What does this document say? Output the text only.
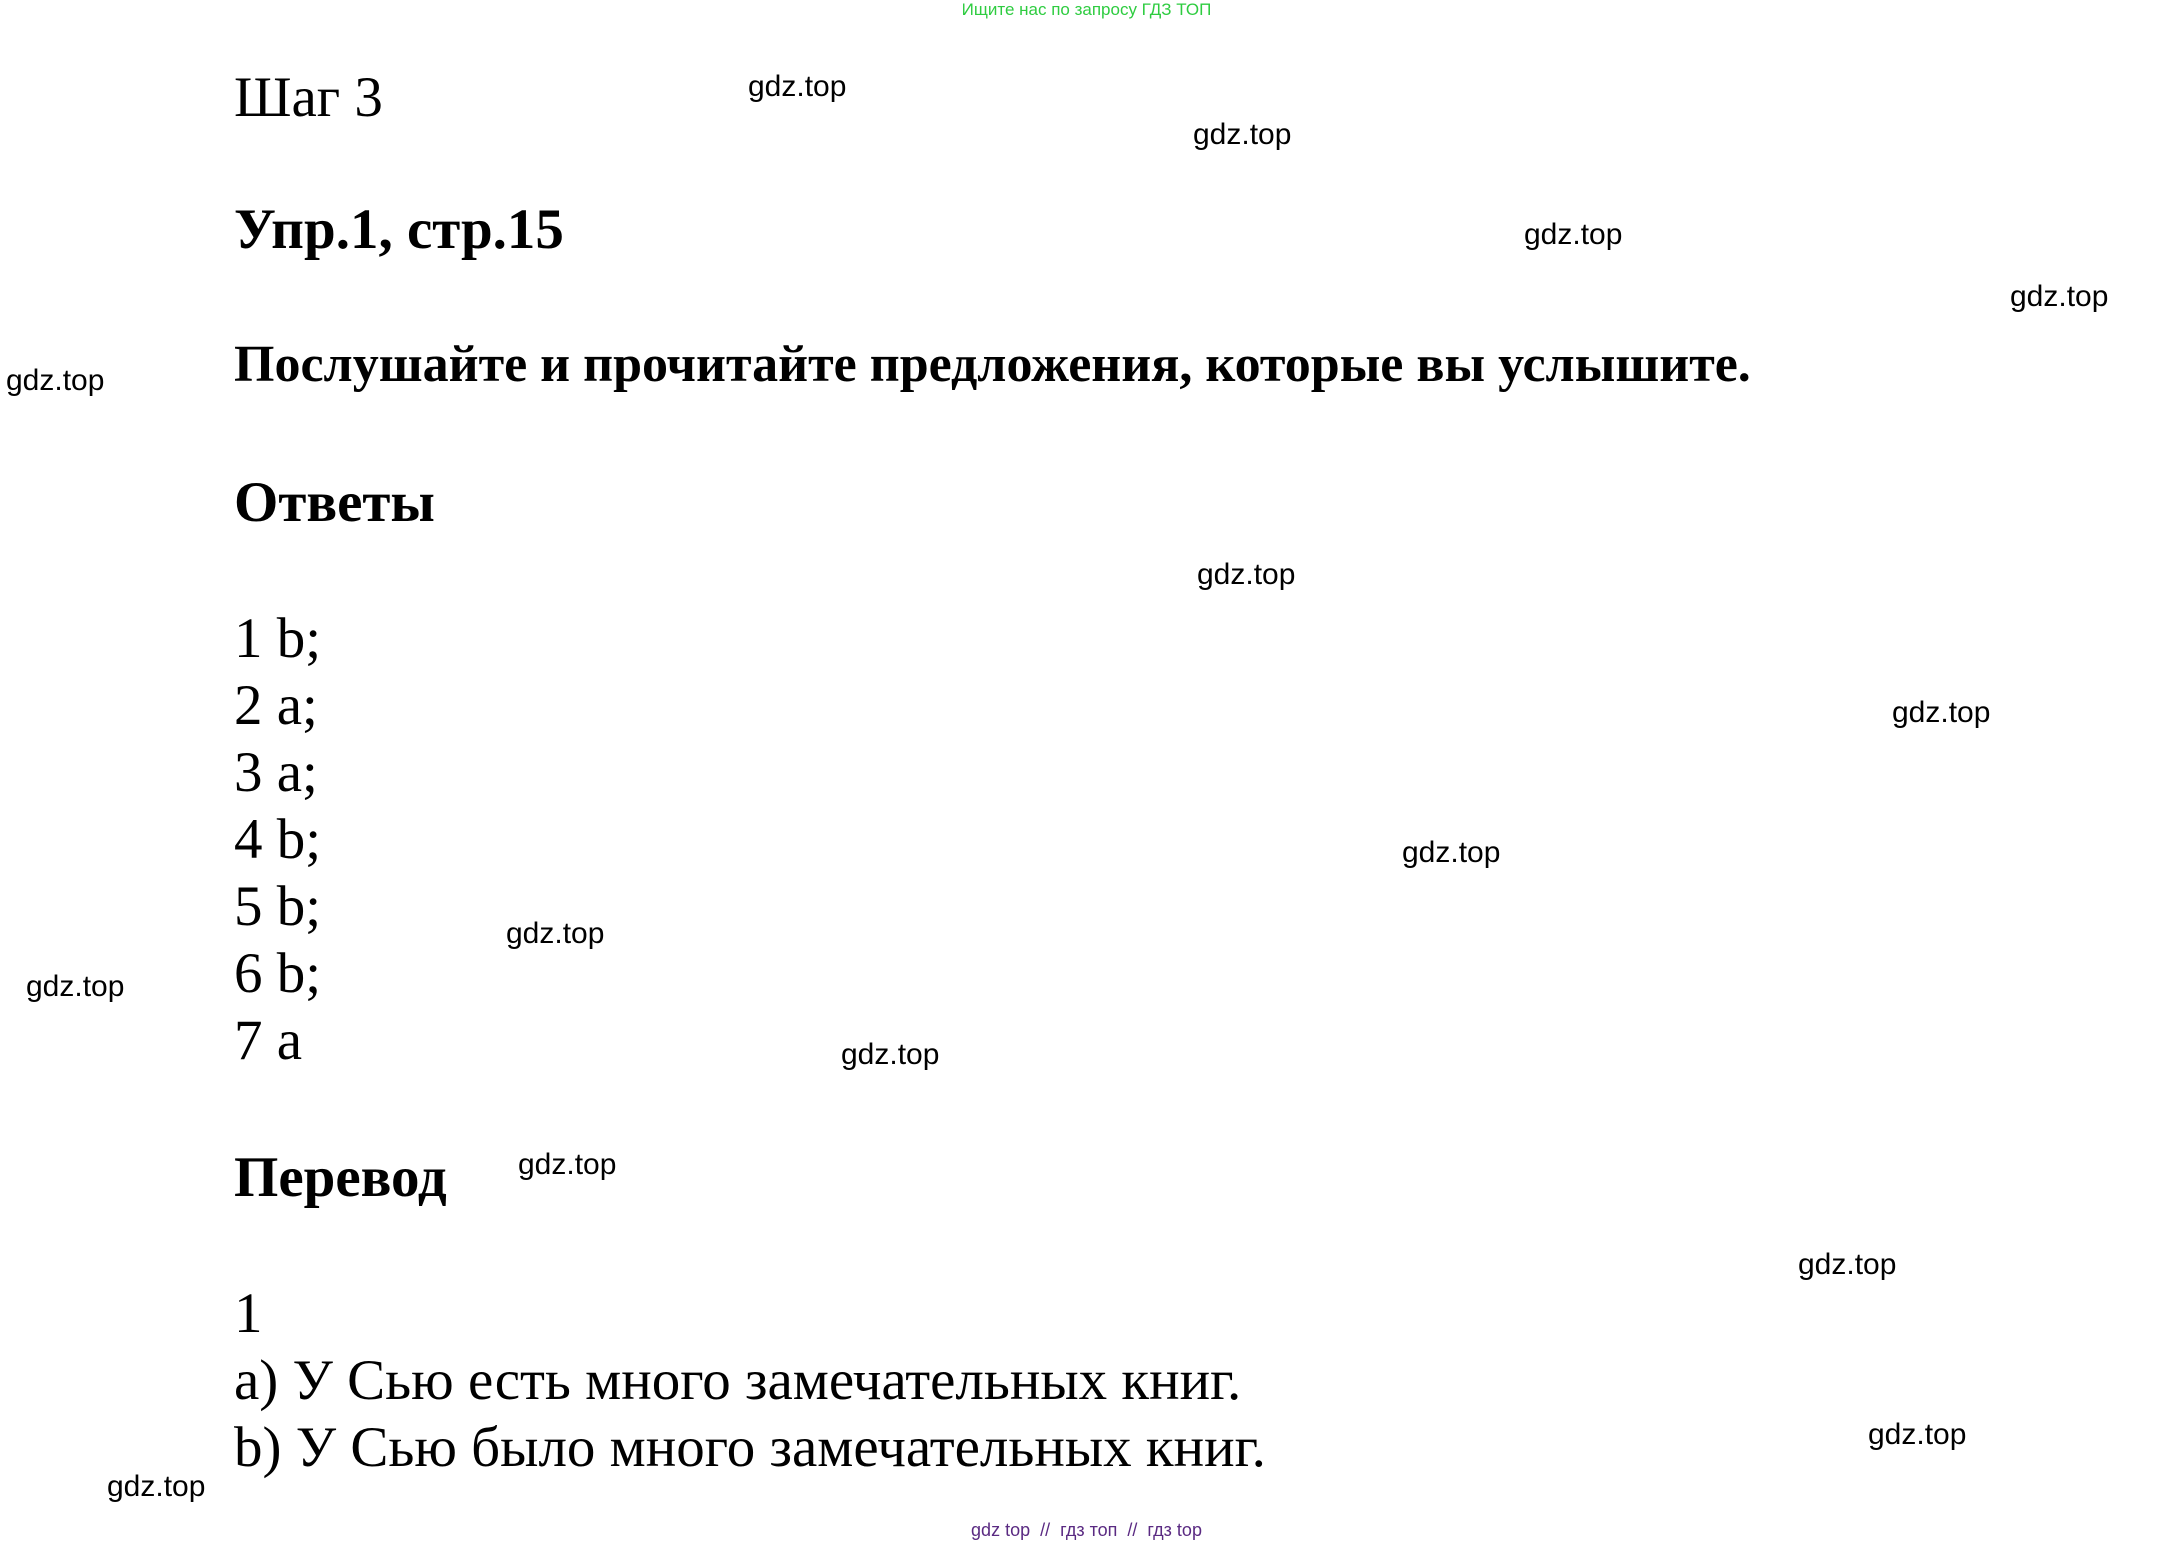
Ищите нас по запросу ГДЗ ТОП
Шаг 3
Упр.1, стр.15
Послушайте и прочитайте предложения, которые вы услышите.
Ответы
1 b;
2 a;
3 a;
4 b;
5 b;
6 b;
7 a
Перевод
1
a) У Сью есть много замечательных книг.
b) У Сью было много замечательных книг.
gdz.top
gdz.top
gdz.top
gdz.top
gdz.top
gdz.top
gdz.top
gdz.top
gdz.top
gdz.top
gdz.top
gdz.top
gdz.top
gdz.top
gdz.top
gdz top  //  гдз топ  //  гдз top
